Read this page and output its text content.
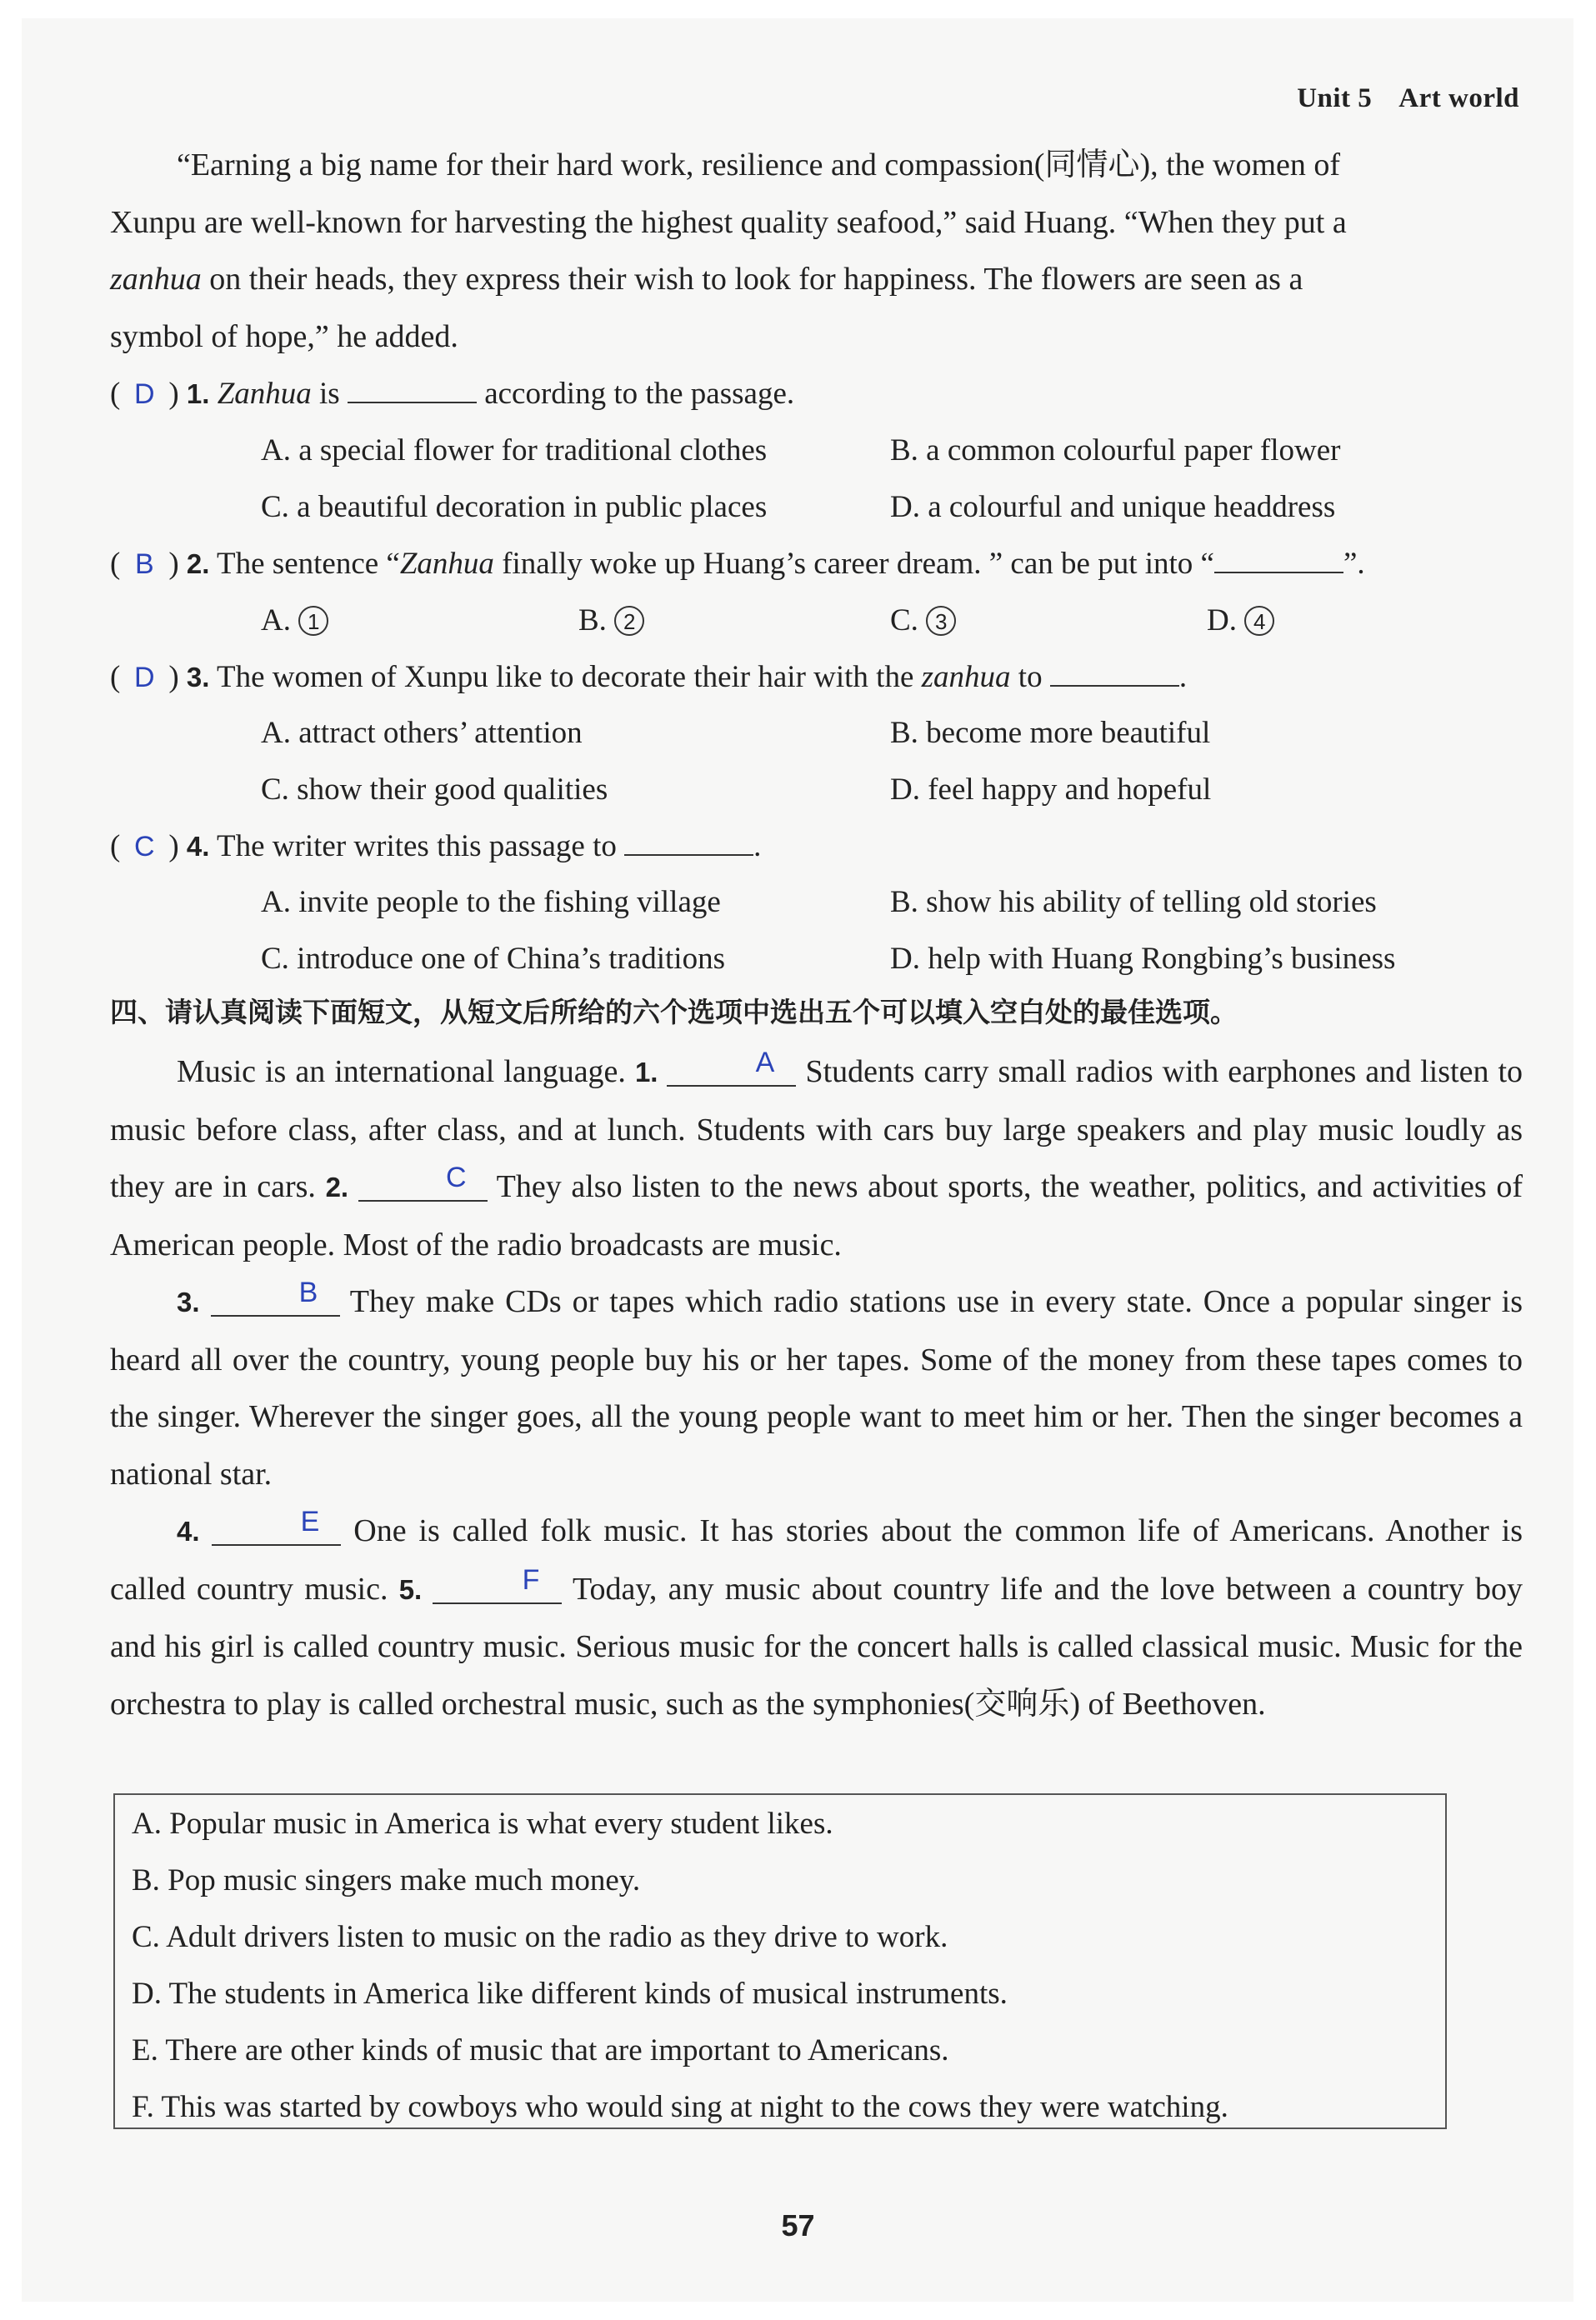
Unit 5 Art world

“Earning a big name for their hard work, resilience and compassion(同情心), the women of

Xunpu are well-known for harvesting the highest quality seafood,” said Huang. “When they put a

zanhua on their heads, they express their wish to look for happiness. The flowers are seen as a

symbol of hope,” he added.

( D ) 1. Zanhua is	according to the passage.
A. a special flower for traditional clothes	B. a common colourful paper flower
C. a beautiful decoration in public places	D. a colourful and unique headdress
( B ) 2. The sentence “Zanhua finally woke up Huang’s career dream. ” can be put into “	”.
A. 1	B. 2	C. 3	D. 4
( D ) 3. The women of Xunpu like to decorate their hair with the zanhua to	.
A. attract others’ attention	B. become more beautiful
C. show their good qualities	D. feel happy and hopeful
( C ) 4. The writer writes this passage to	.
A. invite people to the fishing village	B. show his ability of telling old stories
C. introduce one of China’s traditions	D. help with Huang Rongbing’s business
四、请认真阅读下面短文，从短文后所给的六个选项中选出五个可以填入空白处的最佳选项。

Music is an international language. 1.	A Students carry small radios with earphones and listen to music before class, after class, and at lunch. Students with cars buy large speakers and play music loudly as they are in cars. 2.	C They also listen to the news about sports, the weather, politics, and activities of American people. Most of the radio broadcasts are music.

3.	B They make CDs or tapes which radio stations use in every state. Once a popular singer is heard all over the country, young people buy his or her tapes. Some of the money from these tapes comes to the singer. Wherever the singer goes, all the young people want to meet him or her. Then the singer becomes a national star.

4.	E One is called folk music. It has stories about the common life of Americans. Another is called country music. 5.	F Today, any music about country life and the love between a country boy and his girl is called country music. Serious music for the concert halls is called classical music. Music for the orchestra to play is called orchestral music, such as the symphonies(交响乐) of Beethoven.

A. Popular music in America is what every student likes.
B. Pop music singers make much money.
C. Adult drivers listen to music on the radio as they drive to work.
D. The students in America like different kinds of musical instruments.
E. There are other kinds of music that are important to Americans.
F. This was started by cowboys who would sing at night to the cows they were watching.
57
